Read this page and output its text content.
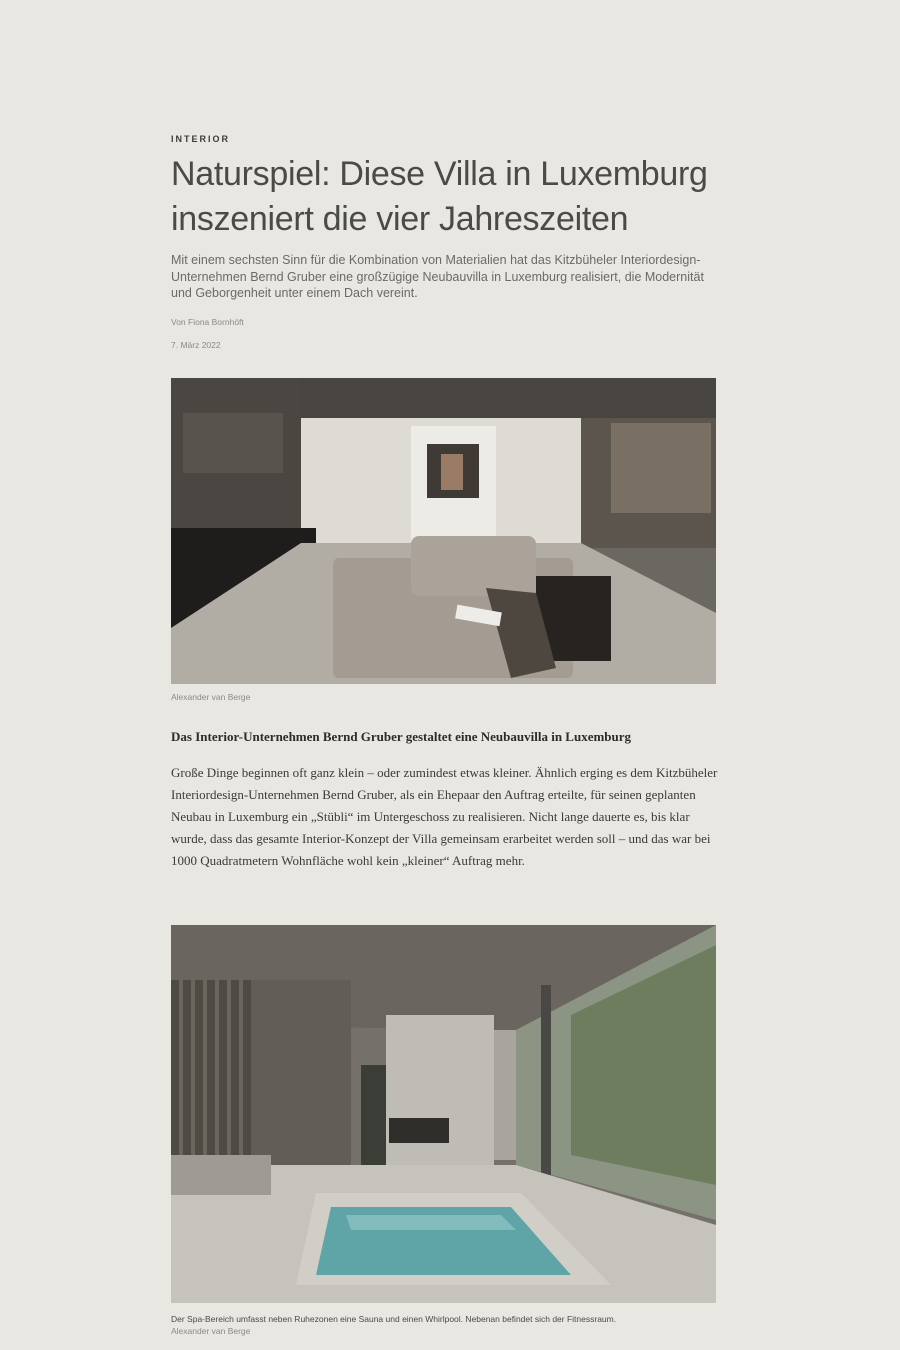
INTERIOR
Naturspiel: Diese Villa in Luxemburg inszeniert die vier Jahreszeiten

Mit einem sechsten Sinn für die Kombination von Materialien hat das Kitzbüheler Interiordesign-Unternehmen Bernd Gruber eine großzügige Neubauvilla in Luxemburg realisiert, die Modernität und Geborgenheit unter einem Dach vereint.

Von Fiona Bornhöft
7. März 2022
Alexander van Berge
Das Interior-Unternehmen Bernd Gruber gestaltet eine Neubauvilla in Luxemburg

Große Dinge beginnen oft ganz klein – oder zumindest etwas kleiner. Ähnlich erging es dem Kitzbüheler Interiordesign-Unternehmen Bernd Gruber, als ein Ehepaar den Auftrag erteilte, für seinen geplanten Neubau in Luxemburg ein „Stübli“ im Untergeschoss zu realisieren. Nicht lange dauerte es, bis klar wurde, dass das gesamte Interior-Konzept der Villa gemeinsam erarbeitet werden soll – und das war bei 1000 Quadratmetern Wohnfläche wohl kein „kleiner“ Auftrag mehr.

Der Spa-Bereich umfasst neben Ruhezonen eine Sauna und einen Whirlpool. Nebenan befindet sich der Fitnessraum.
Alexander van Berge
